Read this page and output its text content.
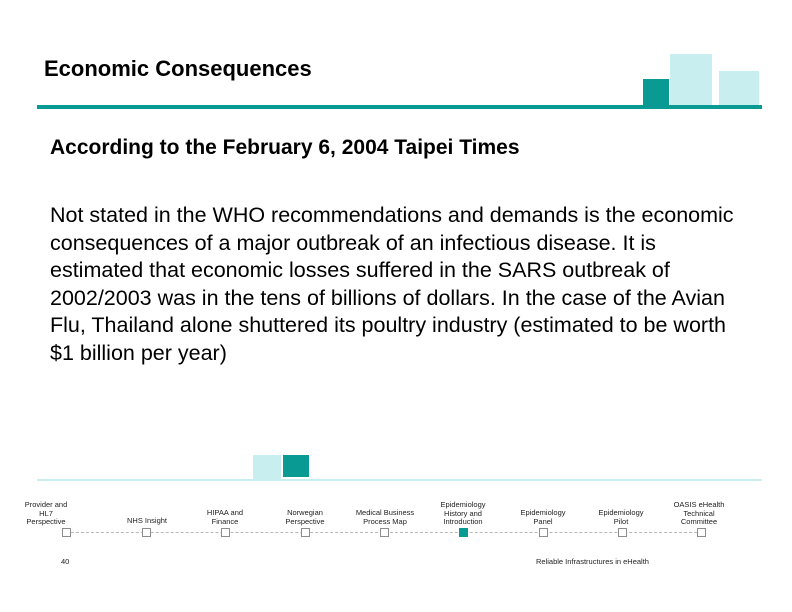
Economic Consequences
According to the February 6, 2004 Taipei Times

Not stated in the WHO recommendations and demands is the economic consequences of a major outbreak of an infectious disease. It is estimated that economic losses suffered in the SARS outbreak of 2002/2003 was in the tens of billions of dollars. In the case of the Avian Flu, Thailand alone shuttered its poultry industry (estimated to be worth $1 billion per year)

Provider and HL7 Perspective	NHS Insight
HIPAA and Finance
Norwegian Perspective
Medical Business Process Map
Epidemiology History and Introduction
Epidemiology Panel
Epidemiology Pilot
OASIS eHealth Technical Committee
40	Reliable Infrastructures in eHealth
